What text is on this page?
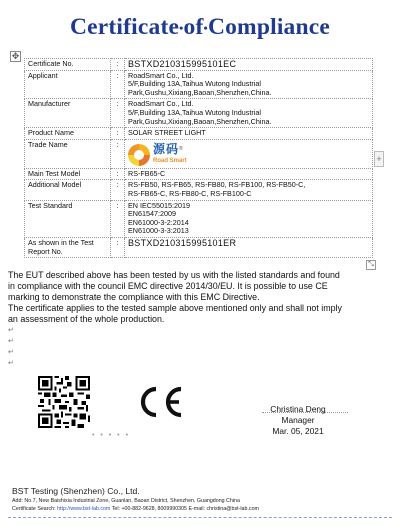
Certificate•of•Compliance
✥
+
Certificate No.	:	BSTXD210315995101EC

Applicant	:	RoadSmart Co., Ltd.
5/F,Building 13A,Taihua Wutong Industrial
Park,Gushu,Xixiang,Baoan,Shenzhen,China.

Manufacturer	:	RoadSmart Co., Ltd.
5/F,Building 13A,Taihua Wutong Industrial
Park,Gushu,Xixiang,Baoan,Shenzhen,China.

Product Name	:	SOLAR STREET LIGHT

Trade Name	:	源码®
Road Smart

Main Test Model	:	RS-FB65-C

Additional Model	:	RS-FB50, RS-FB65, RS-FB80, RS-FB100, RS-FB50-C,
RS-FB65-C, RS-FB80-C, RS-FB100-C

Test Standard	:	EN IEC55015:2019
EN61547:2009
EN61000-3-2:2014
EN61000-3-3:2013

As shown in the Test Report No.	:	BSTXD210315995101ER
⤡

The EUT described above has been tested by us with the listed standards and found

in compliance with the council EMC directive 2014/30/EU. It is possible to use CE

marking to demonstrate the compliance with this EMC Directive.

The certificate applies to the tested sample above mentioned only and shall not imply

an assessment of the whole production.

↵

↵

↵

↵

• • • • •
Christina Deng
Manager
Mar. 05, 2021
BST Testing (Shenzhen) Co., Ltd.
Add: No.7, New Baishixia Industrial Zone, Guanlan, Baoan District, Shenzhen, Guangdong China
Certificate Search: http://www.bst-lab.com Tel: +00-882-9628, 8009990305 E-mail: christina@bst-lab.com
